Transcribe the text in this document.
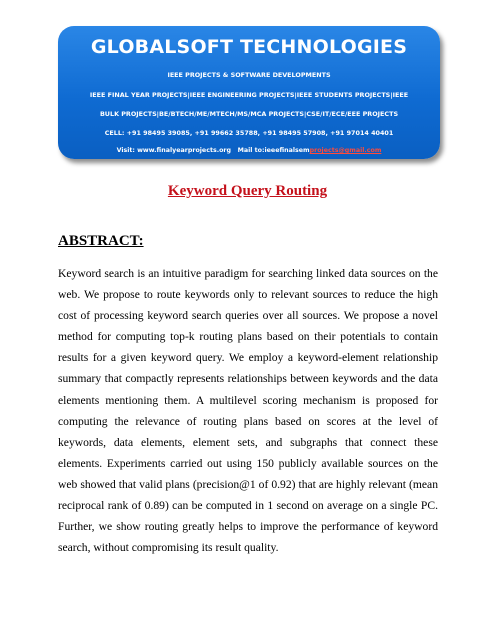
GLOBALSOFT TECHNOLOGIES
IEEE PROJECTS & SOFTWARE DEVELOPMENTS
IEEE FINAL YEAR PROJECTS|IEEE ENGINEERING PROJECTS|IEEE STUDENTS PROJECTS|IEEE
BULK PROJECTS|BE/BTECH/ME/MTECH/MS/MCA PROJECTS|CSE/IT/ECE/EEE PROJECTS
CELL: +91 98495 39085, +91 99662 35788, +91 98495 57908, +91 97014 40401
Visit: www.finalyearprojects.org Mail to:ieeefinalsemprojects@gmail.com
Keyword Query Routing
ABSTRACT:
Keyword search is an intuitive paradigm for searching linked data sources on the web. We propose to route keywords only to relevant sources to reduce the high cost of processing keyword search queries over all sources. We propose a novel method for computing top-k routing plans based on their potentials to contain results for a given keyword query. We employ a keyword-element relationship summary that compactly represents relationships between keywords and the data elements mentioning them. A multilevel scoring mechanism is proposed for computing the relevance of routing plans based on scores at the level of keywords, data elements, element sets, and subgraphs that connect these elements. Experiments carried out using 150 publicly available sources on the web showed that valid plans (precision@1 of 0.92) that are highly relevant (mean reciprocal rank of 0.89) can be computed in 1 second on average on a single PC. Further, we show routing greatly helps to improve the performance of keyword search, without compromising its result quality.
